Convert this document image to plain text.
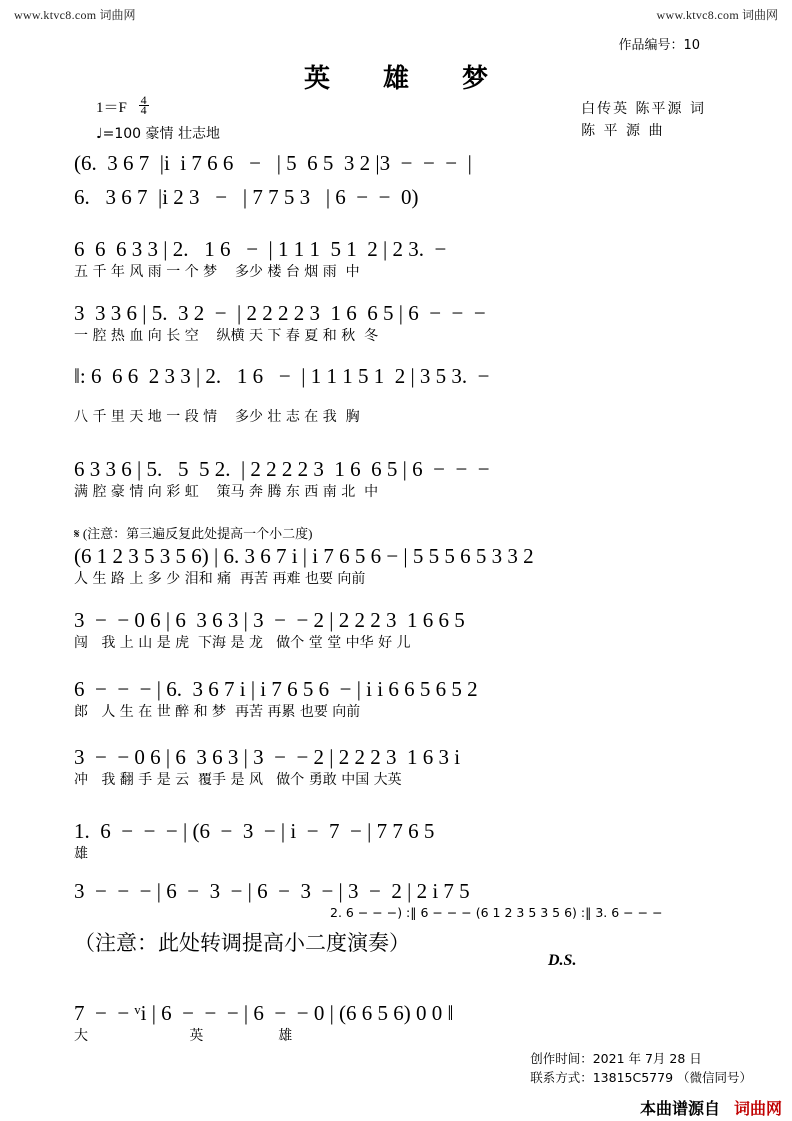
www.ktvc8.com 词曲网	www.ktvc8.com 词曲网
作品编号：10
英 雄 梦
$1=F \frac{4}{4}$
♩=100 豪情 壮志地
白传英 陈平源 词
陈 平 源 曲
(6.  3 6 7  |i  i 7 6 6   −   | 5  6 5  3 2 |3  −  −  −  |
6.   3 6 7  |i 2 3   −   | 7 7 5 3   | 6  −  −  0)
6  6  6 3 3 | 2.   1 6   −  | 1 1 1  5 1  2 | 2 3.  −
五 千 年 风 雨 一 个 梦    多少 楼 台 烟 雨  中
3  3 3 6 | 5.  3 2  −  | 2 2 2 2 3  1 6  6 5 | 6  −  −  −
一 腔 热 血 向 长 空    纵横 天 下 春 夏 和 秋  冬
‖: 6  6 6  2 3 3 | 2.   1 6   −  | 1 1 1 5 1  2 | 3 5 3.  −
八 千 里 天 地 一 段 情    多少 壮 志 在 我  胸
6 3 3 6 | 5.   5  5 2.  | 2 2 2 2 3  1 6  6 5 | 6  −  −  −
满 腔 豪 情 向 彩 虹    策马 奔 腾 东 西 南 北  中
𝄋 (注意：第三遍反复此处提高一个小二度)
(6 1 2 3 5 3 5 6) | 6. 3 6 7 i | i 7 6 5 6 − | 5 5 5 6 5 3 3 2
人 生 路 上 多 少 泪和 痛  再苦 再难 也要 向前
3  −  − 0 6 | 6  3 6 3 | 3  −  − 2 | 2 2 2 3  1 6 6 5
闯   我 上 山 是 虎  下海 是 龙   做个 堂 堂 中华 好 儿
6  −  −  − | 6.  3 6 7 i | i 7 6 5 6  − | i i 6 6 5 6 5 2
郎   人 生 在 世 醉 和 梦  再苦 再累 也要 向前
3  −  − 0 6 | 6  3 6 3 | 3  −  − 2 | 2 2 2 3  1 6 3 i
冲   我 翻 手 是 云  覆手 是 风   做个 勇敢 中国 大英
1.  6  −  −  − | (6  −  3  − | i  −  7  − | 7 7 6 5
雄
3  −  −  − | 6  −  3  − | 6  −  3  − | 3  −  2 | 2 i 7 5
2. 6 − − −) :‖ 6 − − − (6 1 2 3 5 3 5 6) :‖ 3. 6 − − −
（注意：此处转调提高小二度演奏）
D.S.
7  −  − ᵛi | 6  −  −  − | 6  −  − 0 | (6 6 5 6) 0 0 ‖
大   英  雄
创作时间：2021 年 7月 28 日
联系方式：13815C5779 （微信同号）
本曲谱源自 词曲网
